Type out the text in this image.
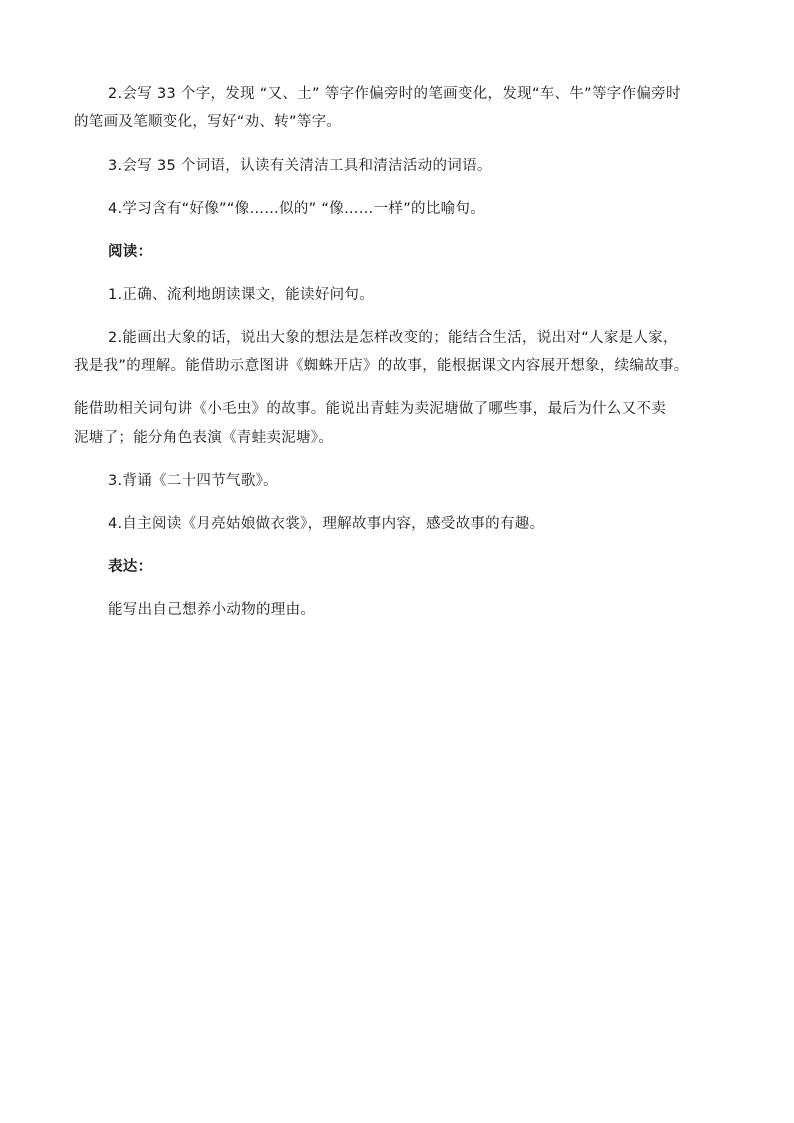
2.会写 33 个字，发现 “又、土” 等字作偏旁时的笔画变化，发现“车、牛”等字作偏旁时

的笔画及笔顺变化，写好“劝、转”等字。

3.会写 35 个词语，认读有关清洁工具和清洁活动的词语。

4.学习含有“好像”“像……似的” “像……一样”的比喻句。

阅读：

1.正确、流利地朗读课文，能读好问句。

2.能画出大象的话，说出大象的想法是怎样改变的；能结合生活，说出对“人家是人家，

我是我”的理解。能借助示意图讲《蜘蛛开店》的故事，能根据课文内容展开想象，续编故事。

能借助相关词句讲《小毛虫》的故事。能说出青蛙为卖泥塘做了哪些事，最后为什么又不卖

泥塘了；能分角色表演《青蛙卖泥塘》。

3.背诵《二十四节气歌》。

4.自主阅读《月亮姑娘做衣裳》，理解故事内容，感受故事的有趣。

表达：

能写出自己想养小动物的理由。
